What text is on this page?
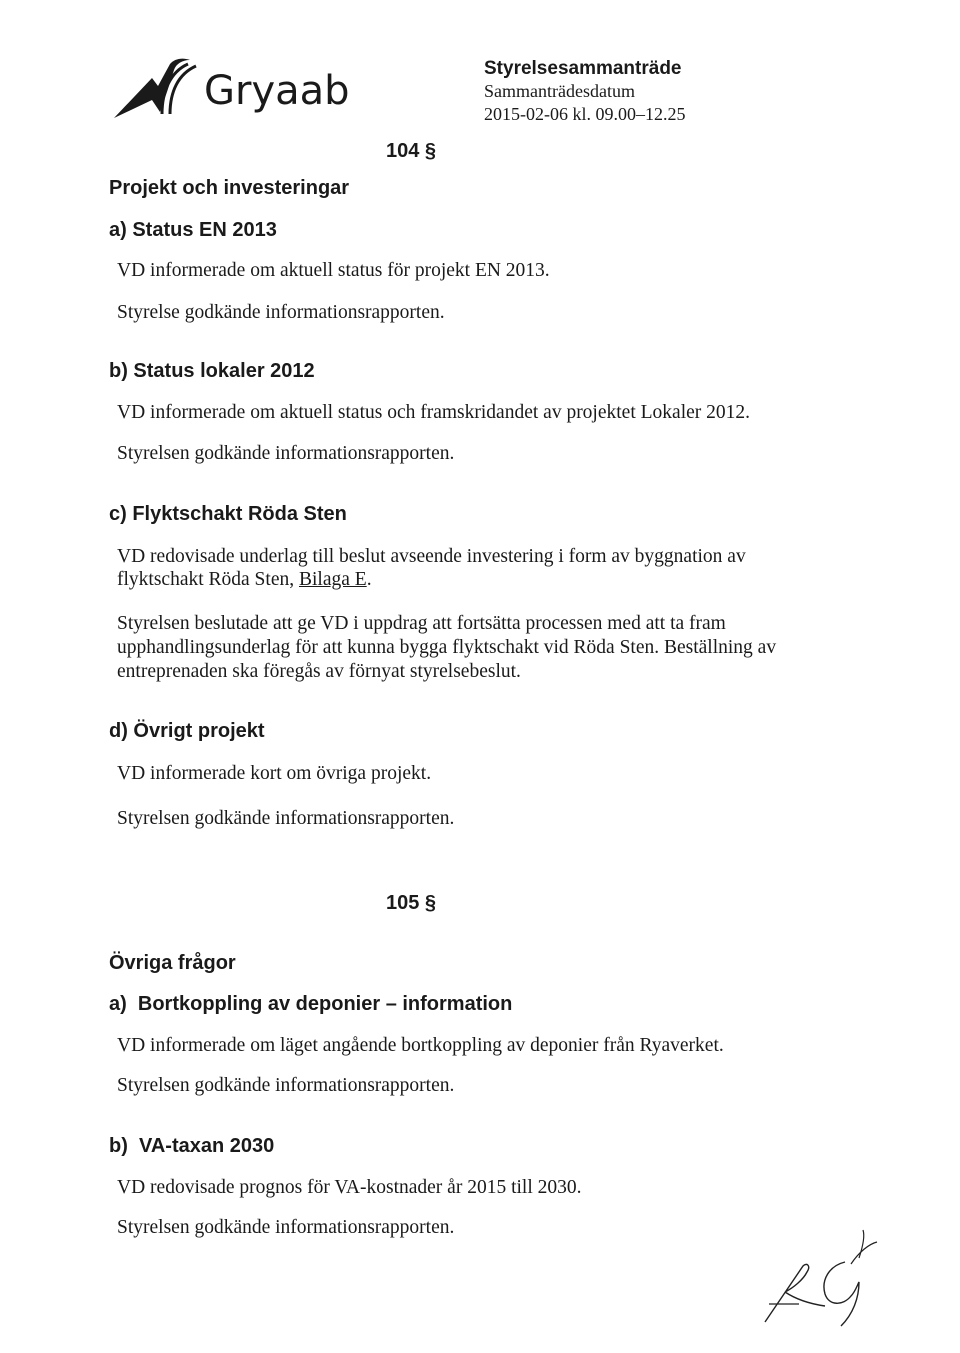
Gryaab	Styrelsesammanträde
Sammanträdesdatum
2015-02-06 kl. 09.00–12.25
104 §
Projekt och investeringar
a) Status EN 2013
VD informerade om aktuell status för projekt EN 2013.
Styrelse godkände informationsrapporten.
b) Status lokaler 2012
VD informerade om aktuell status och framskridandet av projektet Lokaler 2012.
Styrelsen godkände informationsrapporten.
c) Flyktschakt Röda Sten
VD redovisade underlag till beslut avseende investering i form av byggnation av
flyktschakt Röda Sten, Bilaga E.
Styrelsen beslutade att ge VD i uppdrag att fortsätta processen med att ta fram
upphandlingsunderlag för att kunna bygga flyktschakt vid Röda Sten. Beställning av
entreprenaden ska föregås av förnyat styrelsebeslut.
d) Övrigt projekt
VD informerade kort om övriga projekt.
Styrelsen godkände informationsrapporten.
105 §
Övriga frågor
a)  Bortkoppling av deponier – information
VD informerade om läget angående bortkoppling av deponier från Ryaverket.
Styrelsen godkände informationsrapporten.
b)  VA-taxan 2030
VD redovisade prognos för VA-kostnader år 2015 till 2030.
Styrelsen godkände informationsrapporten.
